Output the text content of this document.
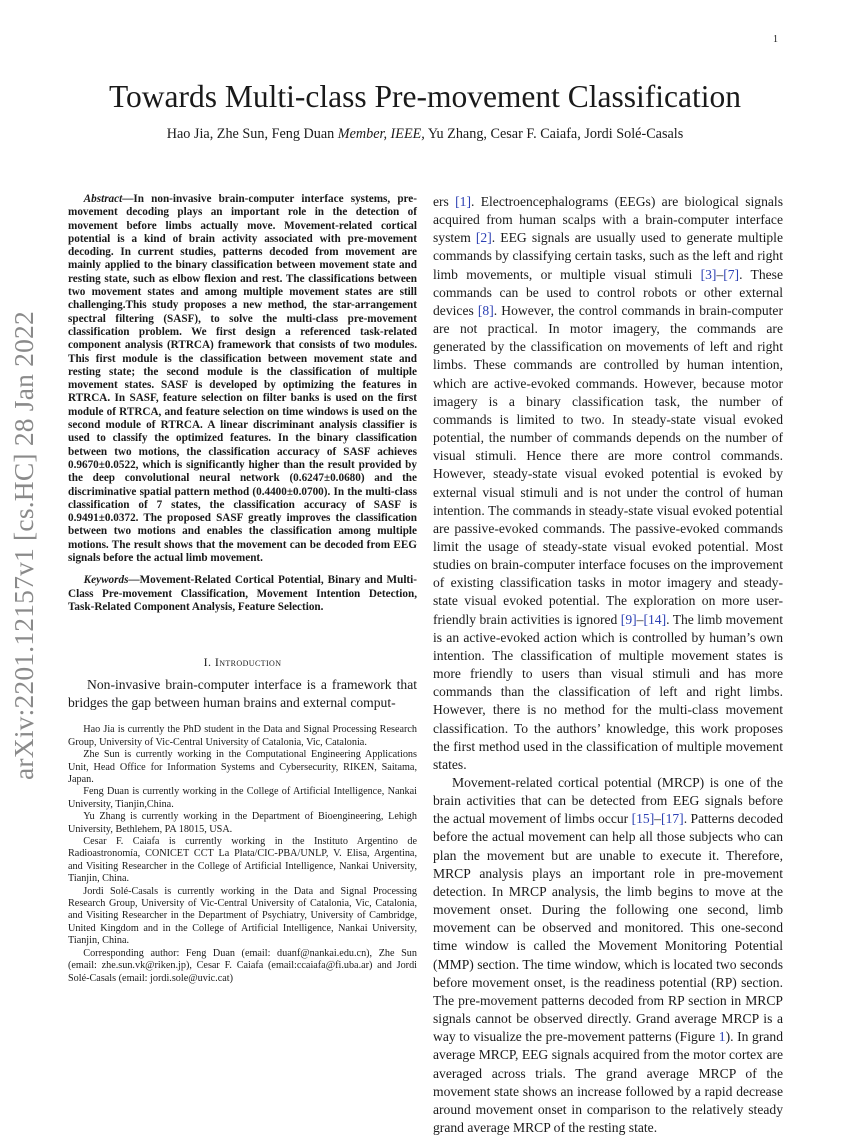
1
arXiv:2201.12157v1 [cs.HC] 28 Jan 2022
Towards Multi-class Pre-movement Classification
Hao Jia, Zhe Sun, Feng Duan Member, IEEE, Yu Zhang, Cesar F. Caiafa, Jordi Solé-Casals

Abstract—In non-invasive brain-computer interface systems, pre-movement decoding plays an important role in the detection of movement before limbs actually move. Movement-related cortical potential is a kind of brain activity associated with pre-movement decoding. In current studies, patterns decoded from movement are mainly applied to the binary classification between movement state and resting state, such as elbow flexion and rest. The classifications between two movement states and among multiple movement states are still challenging.This study proposes a new method, the star-arrangement spectral filtering (SASF), to solve the multi-class pre-movement classification problem. We first design a referenced task-related component analysis (RTRCA) framework that consists of two modules. This first module is the classification between movement state and resting state; the second module is the classification of multiple movement states. SASF is developed by optimizing the features in RTRCA. In SASF, feature selection on filter banks is used on the first module of RTRCA, and feature selection on time windows is used on the second module of RTRCA. A linear discriminant analysis classifier is used to classify the optimized features. In the binary classification between two motions, the classification accuracy of SASF achieves 0.9670±0.0522, which is significantly higher than the result provided by the deep convolutional neural network (0.6247±0.0680) and the discriminative spatial pattern method (0.4400±0.0700). In the multi-class classification of 7 states, the classification accuracy of SASF is 0.9491±0.0372. The proposed SASF greatly improves the classification between two motions and enables the classification among multiple motions. The result shows that the movement can be decoded from EEG signals before the actual limb movement.

Keywords—Movement-Related Cortical Potential, Binary and Multi-Class Pre-movement Classification, Movement Intention Detection, Task-Related Component Analysis, Feature Selection.

I. Introduction

Non-invasive brain-computer interface is a framework that bridges the gap between human brains and external comput-

Hao Jia is currently the PhD student in the Data and Signal Processing Research Group, University of Vic-Central University of Catalonia, Vic, Catalonia.

Zhe Sun is currently working in the Computational Engineering Applications Unit, Head Office for Information Systems and Cybersecurity, RIKEN, Saitama, Japan.

Feng Duan is currently working in the College of Artificial Intelligence, Nankai University, Tianjin,China.

Yu Zhang is currently working in the Department of Bioengineering, Lehigh University, Bethlehem, PA 18015, USA.

Cesar F. Caiafa is currently working in the Instituto Argentino de Radioastronomía, CONICET CCT La Plata/CIC-PBA/UNLP, V. Elisa, Argentina, and Visiting Researcher in the College of Artificial Intelligence, Nankai University, Tianjin, China.

Jordi Solé-Casals is currently working in the Data and Signal Processing Research Group, University of Vic-Central University of Catalonia, Vic, Catalonia, and Visiting Researcher in the Department of Psychiatry, University of Cambridge, United Kingdom and in the College of Artificial Intelligence, Nankai University, Tianjin, China.

Corresponding author: Feng Duan (email: duanf@nankai.edu.cn), Zhe Sun (email: zhe.sun.vk@riken.jp), Cesar F. Caiafa (email:ccaiafa@fi.uba.ar) and Jordi Solé-Casals (email: jordi.sole@uvic.cat)

ers [1]. Electroencephalograms (EEGs) are biological signals acquired from human scalps with a brain-computer interface system [2]. EEG signals are usually used to generate multiple commands by classifying certain tasks, such as the left and right limb movements, or multiple visual stimuli [3]–[7]. These commands can be used to control robots or other external devices [8]. However, the control commands in brain-computer are not practical. In motor imagery, the commands are generated by the classification on movements of left and right limbs. These commands are controlled by human intention, which are active-evoked commands. However, because motor imagery is a binary classification task, the number of commands is limited to two. In steady-state visual evoked potential, the number of commands depends on the number of visual stimuli. Hence there are more control commands. However, steady-state visual evoked potential is evoked by external visual stimuli and is not under the control of human intention. The commands in steady-state visual evoked potential are passive-evoked commands. The passive-evoked commands limit the usage of steady-state visual evoked potential. Most studies on brain-computer interface focuses on the improvement of existing classification tasks in motor imagery and steady-state visual evoked potential. The exploration on more user-friendly brain activities is ignored [9]–[14]. The limb movement is an active-evoked action which is controlled by human’s own intention. The classification of multiple movement states is more friendly to users than visual stimuli and has more commands than the classification of left and right limbs. However, there is no method for the multi-class movement classification. To the authors’ knowledge, this work proposes the first method used in the classification of multiple movement states.

Movement-related cortical potential (MRCP) is one of the brain activities that can be detected from EEG signals before the actual movement of limbs occur [15]–[17]. Patterns decoded before the actual movement can help all those subjects who can plan the movement but are unable to execute it. Therefore, MRCP analysis plays an important role in pre-movement detection. In MRCP analysis, the limb begins to move at the movement onset. During the following one second, limb movement can be observed and monitored. This one-second time window is called the Movement Monitoring Potential (MMP) section. The time window, which is located two seconds before movement onset, is the readiness potential (RP) section. The pre-movement patterns decoded from RP section in MRCP signals cannot be observed directly. Grand average MRCP is a way to visualize the pre-movement patterns (Figure 1). In grand average MRCP, EEG signals acquired from the motor cortex are averaged across trials. The grand average MRCP of the movement state shows an increase followed by a rapid decrease around movement onset in comparison to the relatively steady grand average MRCP of the resting state.
